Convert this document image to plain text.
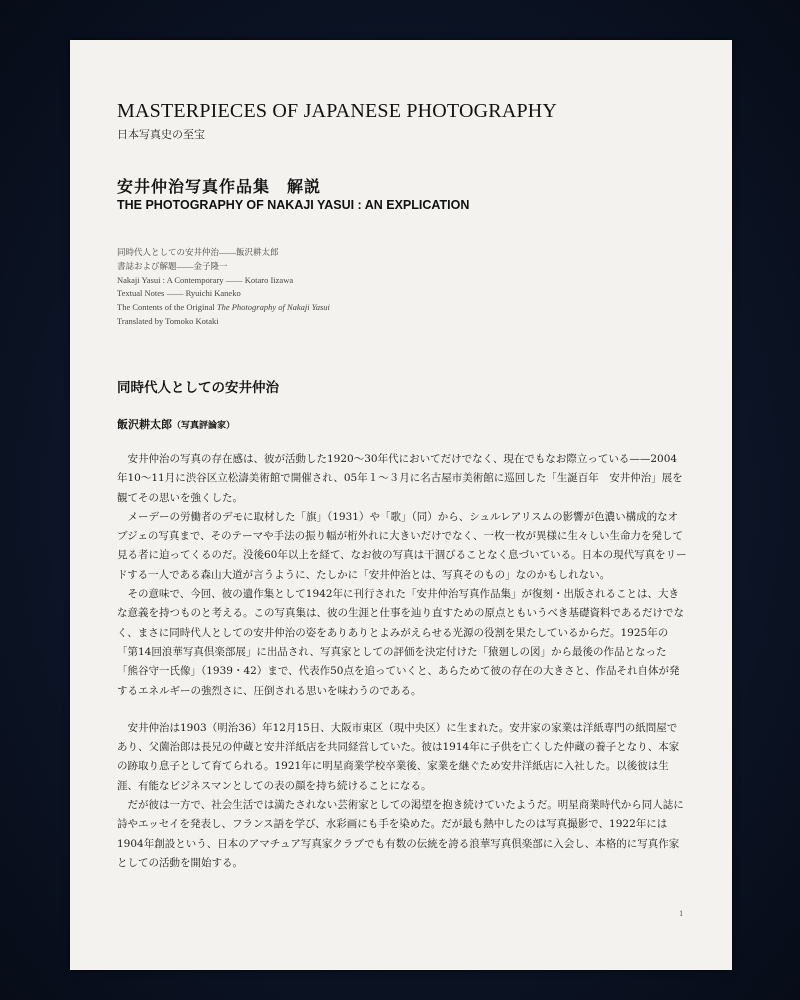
MASTERPIECES OF JAPANESE PHOTOGRAPHY
日本写真史の至宝
安井仲治写真作品集　解説
THE PHOTOGRAPHY OF NAKAJI YASUI : AN EXPLICATION
同時代人としての安井仲治——飯沢耕太郎
書誌および解題——金子隆一
Nakaji Yasui : A Contemporary —— Kotaro Iizawa
Textual Notes —— Ryuichi Kaneko
The Contents of the Original The Photography of Nakaji Yasui
Translated by Tomoko Kotaki
同時代人としての安井仲治
飯沢耕太郎（写真評論家）

安井仲治の写真の存在感は、彼が活動した1920～30年代においてだけでなく、現在でもなお際立っている——2004年10～11月に渋谷区立松濤美術館で開催され、05年１～３月に名古屋市美術館に巡回した「生誕百年　安井仲治」展を観てその思いを強くした。

メーデーの労働者のデモに取材した「旗」（1931）や「歌」（同）から、シュルレアリスムの影響が色濃い構成的なオブジェの写真まで、そのテーマや手法の振り幅が桁外れに大きいだけでなく、一枚一枚が異様に生々しい生命力を発して見る者に迫ってくるのだ。没後60年以上を経て、なお彼の写真は干涸びることなく息づいている。日本の現代写真をリードする一人である森山大道が言うように、たしかに「安井仲治とは、写真そのもの」なのかもしれない。

その意味で、今回、彼の遺作集として1942年に刊行された「安井仲治写真作品集」が復刻・出版されることは、大きな意義を持つものと考える。この写真集は、彼の生涯と仕事を辿り直すための原点ともいうべき基礎資料であるだけでなく、まさに同時代人としての安井仲治の姿をありありとよみがえらせる光源の役割を果たしているからだ。1925年の「第14回浪華写真倶楽部展」に出品され、写真家としての評価を決定付けた「猿廻しの図」から最後の作品となった「熊谷守一氏像」（1939・42）まで、代表作50点を追っていくと、あらためて彼の存在の大きさと、作品それ自体が発するエネルギーの強烈さに、圧倒される思いを味わうのである。

安井仲治は1903（明治36）年12月15日、大阪市東区（現中央区）に生まれた。安井家の家業は洋紙専門の紙問屋であり、父薗治郎は長兄の仲蔵と安井洋紙店を共同経営していた。彼は1914年に子供を亡くした仲蔵の養子となり、本家の跡取り息子として育てられる。1921年に明星商業学校卒業後、家業を継ぐため安井洋紙店に入社した。以後彼は生涯、有能なビジネスマンとしての表の顔を持ち続けることになる。

だが彼は一方で、社会生活では満たされない芸術家としての渇望を抱き続けていたようだ。明星商業時代から同人誌に詩やエッセイを発表し、フランス語を学び、水彩画にも手を染めた。だが最も熱中したのは写真撮影で、1922年には1904年創設という、日本のアマチュア写真家クラブでも有数の伝統を誇る浪華写真倶楽部に入会し、本格的に写真作家としての活動を開始する。

1
